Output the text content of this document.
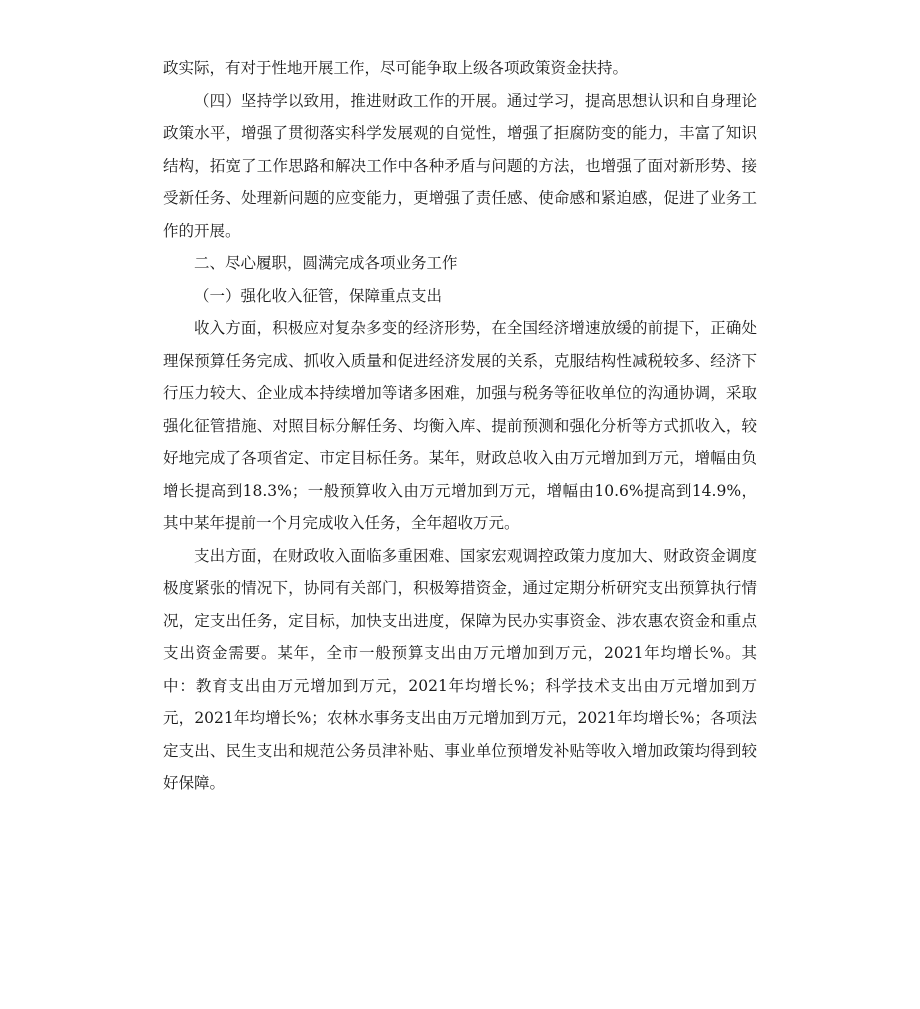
政实际，有对于性地开展工作，尽可能争取上级各项政策资金扶持。

（四）坚持学以致用，推进财政工作的开展。通过学习，提高思想认识和自身理论政策水平，增强了贯彻落实科学发展观的自觉性，增强了拒腐防变的能力，丰富了知识结构，拓宽了工作思路和解决工作中各种矛盾与问题的方法，也增强了面对新形势、接受新任务、处理新问题的应变能力，更增强了责任感、使命感和紧迫感，促进了业务工作的开展。

二、尽心履职，圆满完成各项业务工作

（一）强化收入征管，保障重点支出

收入方面，积极应对复杂多变的经济形势，在全国经济增速放缓的前提下，正确处理保预算任务完成、抓收入质量和促进经济发展的关系，克服结构性减税较多、经济下行压力较大、企业成本持续增加等诸多困难，加强与税务等征收单位的沟通协调，采取强化征管措施、对照目标分解任务、均衡入库、提前预测和强化分析等方式抓收入，较好地完成了各项省定、市定目标任务。某年，财政总收入由万元增加到万元，增幅由负增长提高到18.3%；一般预算收入由万元增加到万元，增幅由10.6%提高到14.9%，其中某年提前一个月完成收入任务，全年超收万元。

支出方面，在财政收入面临多重困难、国家宏观调控政策力度加大、财政资金调度极度紧张的情况下，协同有关部门，积极筹措资金，通过定期分析研究支出预算执行情况，定支出任务，定目标，加快支出进度，保障为民办实事资金、涉农惠农资金和重点支出资金需要。某年，全市一般预算支出由万元增加到万元，2021年均增长%。其中：教育支出由万元增加到万元，2021年均增长%；科学技术支出由万元增加到万元，2021年均增长%；农林水事务支出由万元增加到万元，2021年均增长%；各项法定支出、民生支出和规范公务员津补贴、事业单位预增发补贴等收入增加政策均得到较好保障。
